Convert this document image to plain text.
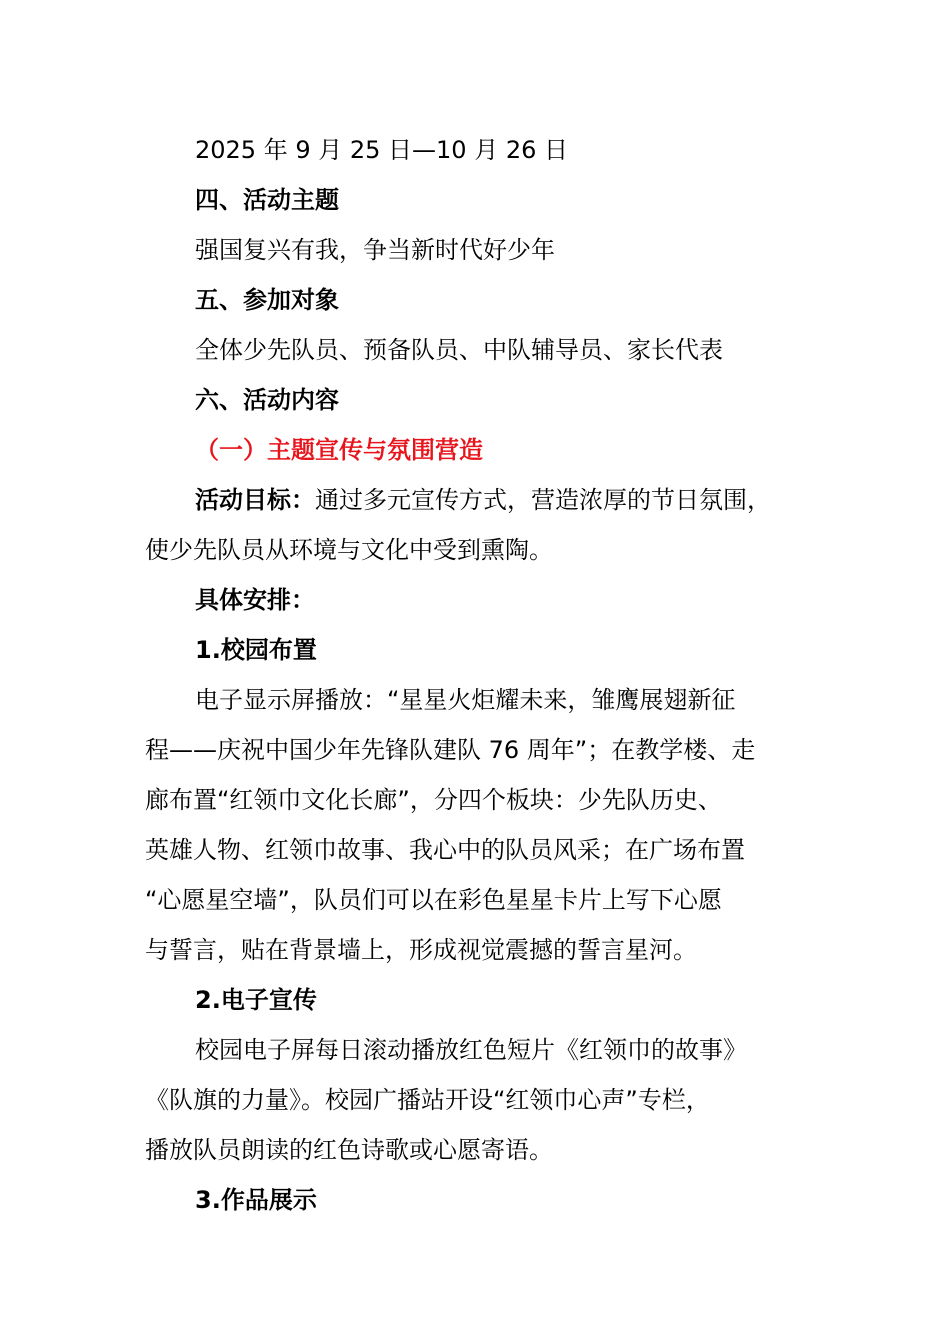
2025 年 9 月 25 日—10 月 26 日
四、活动主题
强国复兴有我，争当新时代好少年
五、参加对象
全体少先队员、预备队员、中队辅导员、家长代表
六、活动内容
（一）主题宣传与氛围营造
活动目标：通过多元宣传方式，营造浓厚的节日氛围，
使少先队员从环境与文化中受到熏陶。
具体安排：
1.校园布置
电子显示屏播放：“星星火炬耀未来，雏鹰展翅新征
程——庆祝中国少年先锋队建队 76 周年”；在教学楼、走
廊布置“红领巾文化长廊”，分四个板块：少先队历史、
英雄人物、红领巾故事、我心中的队员风采；在广场布置
“心愿星空墙”，队员们可以在彩色星星卡片上写下心愿
与誓言，贴在背景墙上，形成视觉震撼的誓言星河。
2.电子宣传
校园电子屏每日滚动播放红色短片《红领巾的故事》
《队旗的力量》。校园广播站开设“红领巾心声”专栏，
播放队员朗读的红色诗歌或心愿寄语。
3.作品展示
